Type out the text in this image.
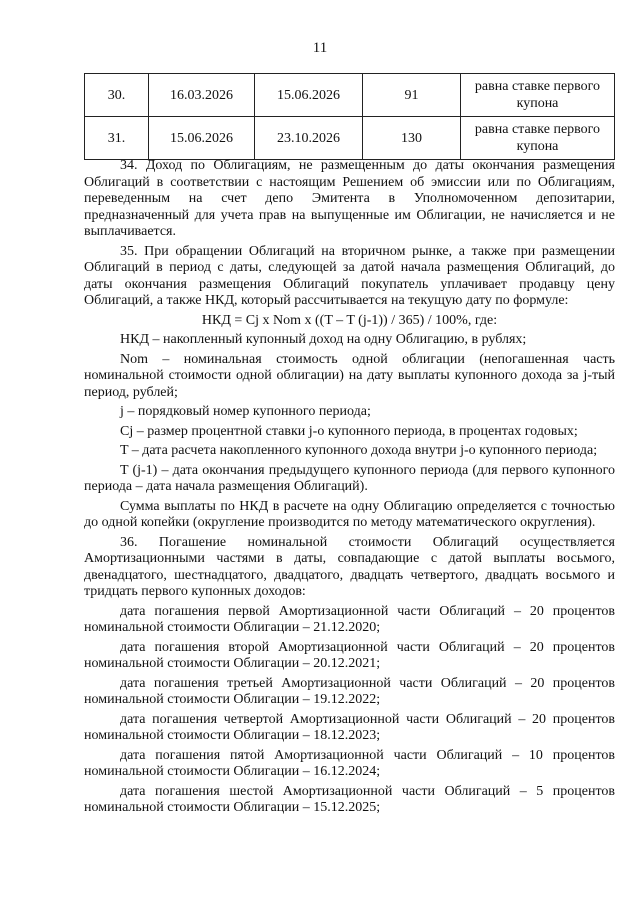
11
30.	16.03.2026	15.06.2026	91	равна ставке первого купона
31.	15.06.2026	23.10.2026	130	равна ставке первого купона

34. Доход по Облигациям, не размещенным до даты окончания размещения Облигаций в соответствии с настоящим Решением об эмиссии или по Облигациям, переведенным на счет депо Эмитента в Уполномоченном депозитарии, предназначенный для учета прав на выпущенные им Облигации, не начисляется и не выплачивается.

35. При обращении Облигаций на вторичном рынке, а также при размещении Облигаций в период с даты, следующей за датой начала размещения Облигаций, до даты окончания размещения Облигаций покупатель уплачивает продавцу цену Облигаций, а также НКД, который рассчитывается на текущую дату по формуле:

НКД = Cj x Nom x ((T – T (j-1)) / 365) / 100%, где:

НКД – накопленный купонный доход на одну Облигацию, в рублях;

Nom – номинальная стоимость одной облигации (непогашенная часть номинальной стоимости одной облигации) на дату выплаты купонного дохода за j-тый период, рублей;

j – порядковый номер купонного периода;

Cj – размер процентной ставки j-о купонного периода, в процентах годовых;

T – дата расчета накопленного купонного дохода внутри j-о купонного периода;

T (j-1) – дата окончания предыдущего купонного периода (для первого купонного периода – дата начала размещения Облигаций).

Сумма выплаты по НКД в расчете на одну Облигацию определяется с точностью до одной копейки (округление производится по методу математического округления).

36. Погашение номинальной стоимости Облигаций осуществляется Амортизационными частями в даты, совпадающие с датой выплаты восьмого, двенадцатого, шестнадцатого, двадцатого, двадцать четвертого, двадцать восьмого и тридцать первого купонных доходов:

дата погашения первой Амортизационной части Облигаций – 20 процентов номинальной стоимости Облигации – 21.12.2020;

дата погашения второй Амортизационной части Облигаций – 20 процентов номинальной стоимости Облигации – 20.12.2021;

дата погашения третьей Амортизационной части Облигаций – 20 процентов номинальной стоимости Облигации – 19.12.2022;

дата погашения четвертой Амортизационной части Облигаций – 20 процентов номинальной стоимости Облигации – 18.12.2023;

дата погашения пятой Амортизационной части Облигаций – 10 процентов номинальной стоимости Облигации – 16.12.2024;

дата погашения шестой Амортизационной части Облигаций – 5 процентов номинальной стоимости Облигации – 15.12.2025;
